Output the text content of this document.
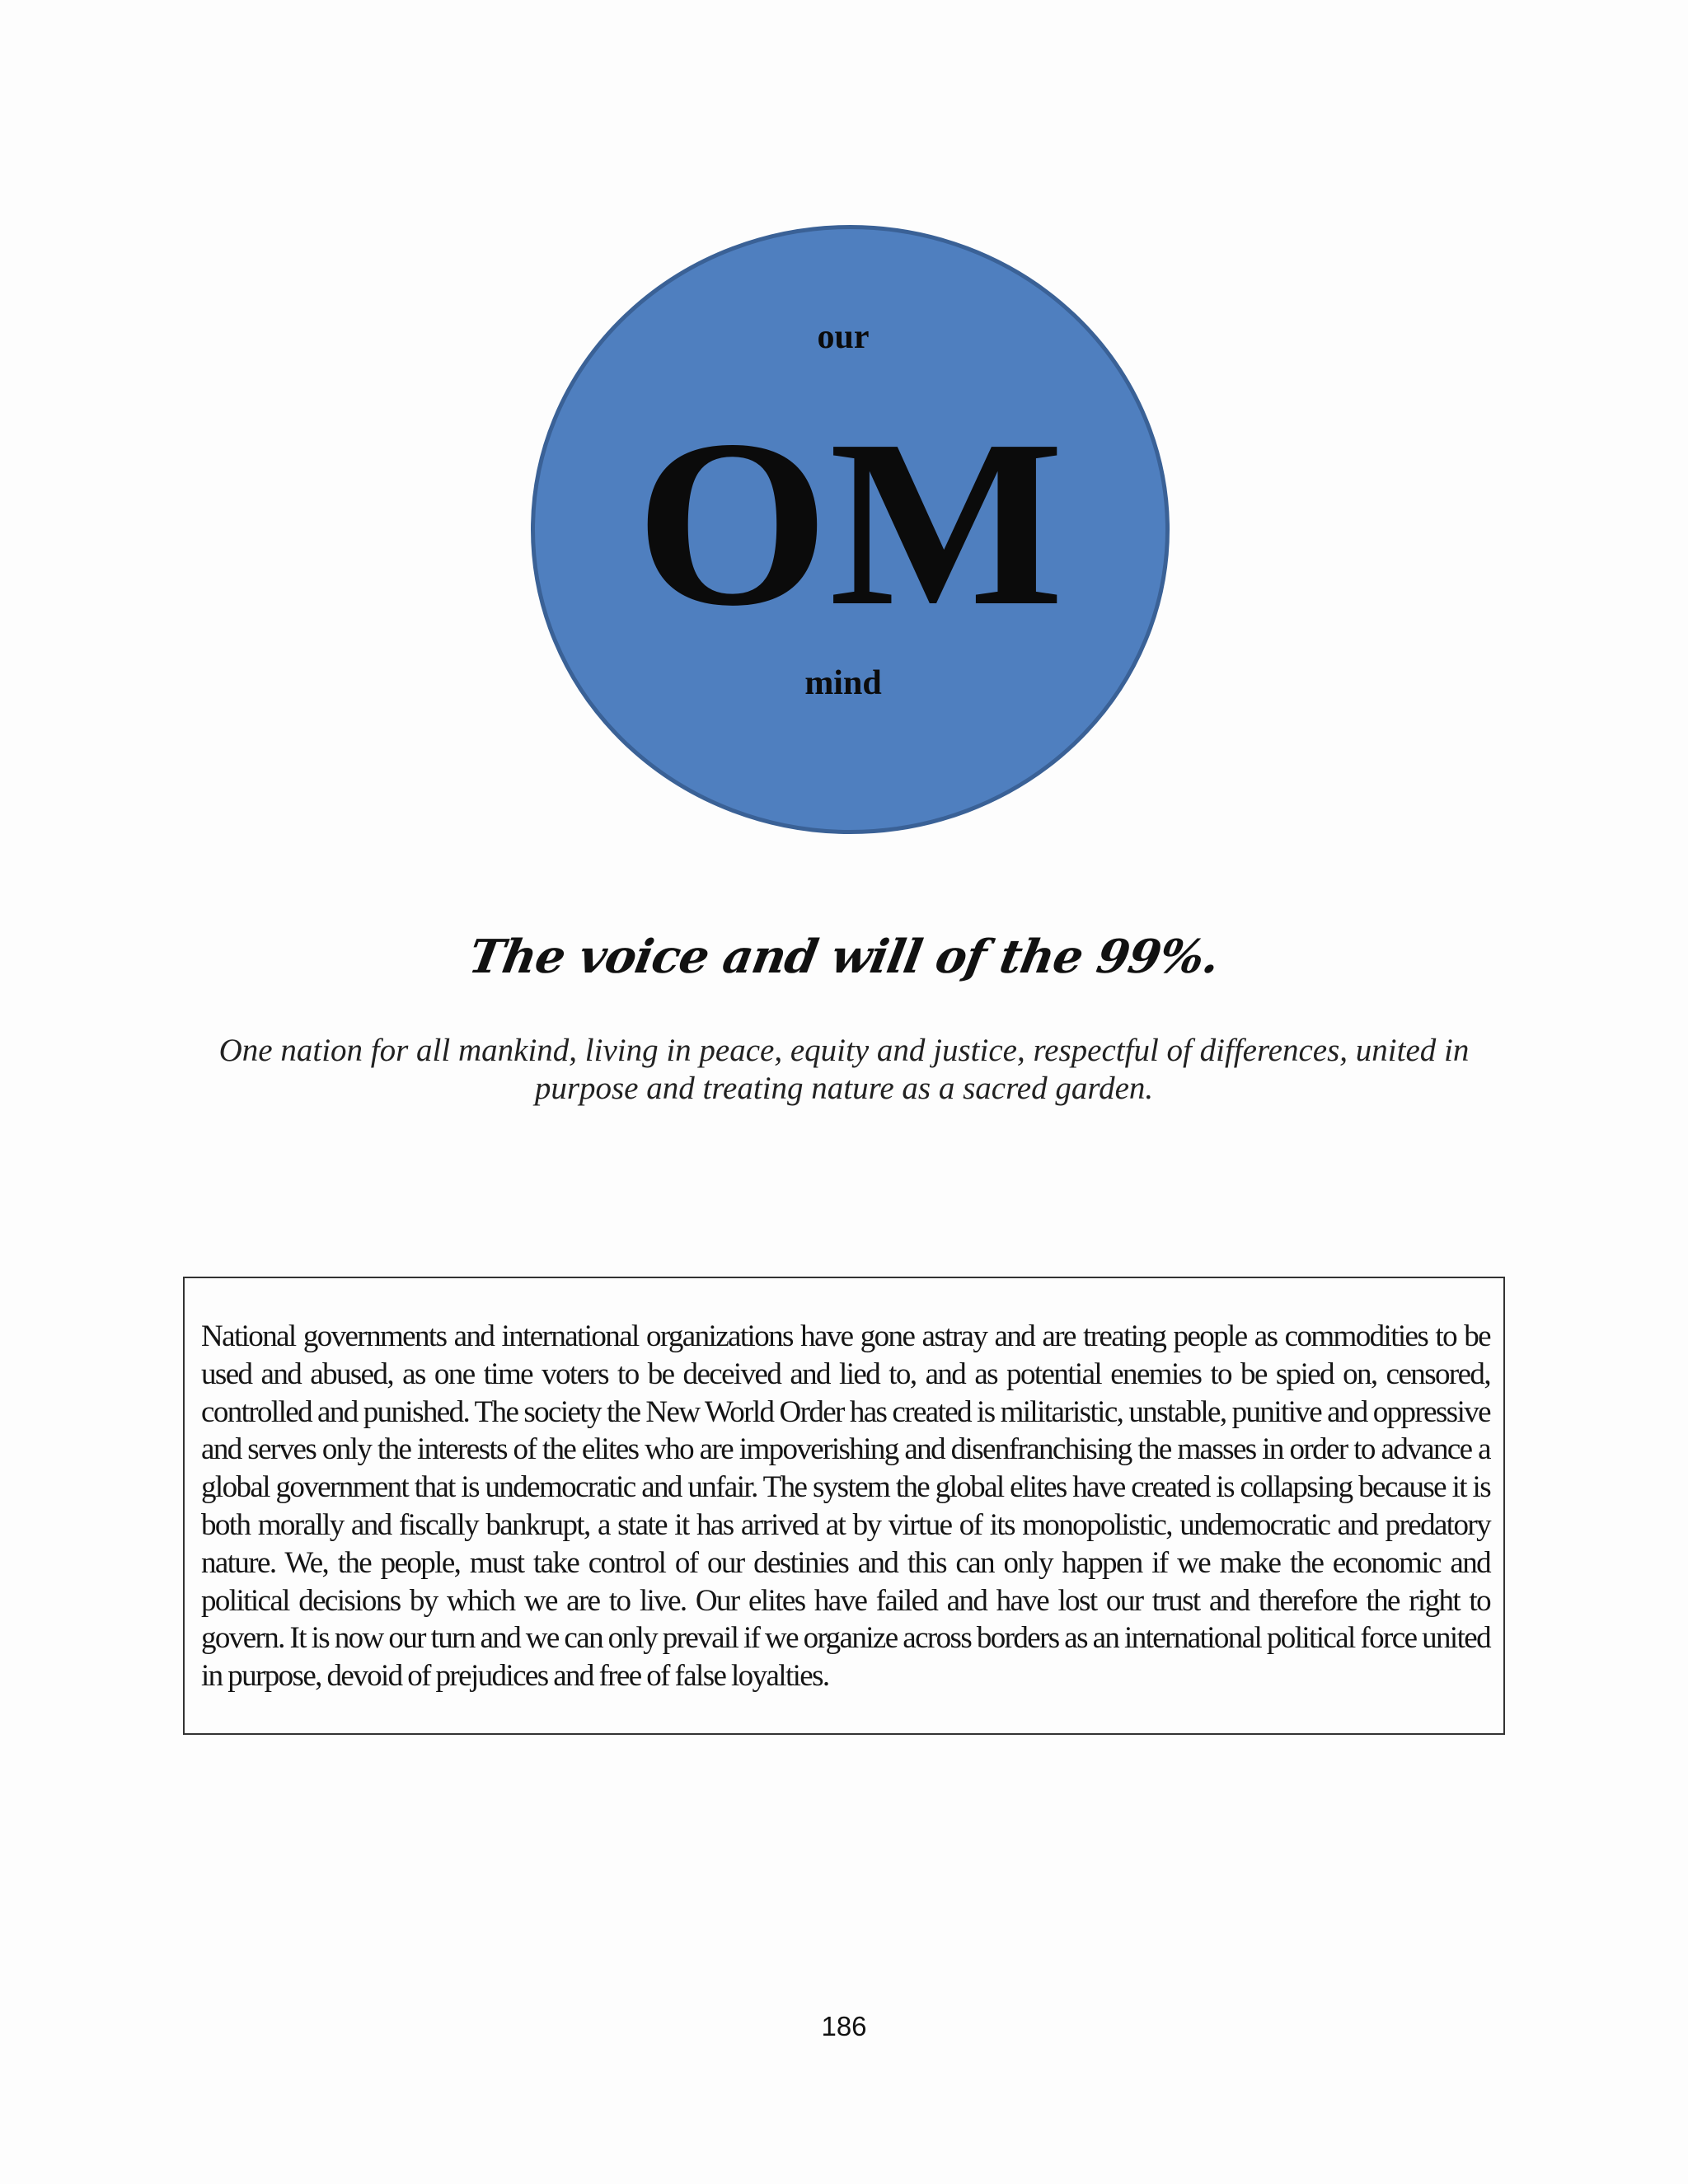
our
OM
mind

The voice and will of the 99%.

One nation for all mankind, living in peace, equity and justice, respectful of differences, united in purpose and treating nature as a sacred garden.

National governments and international organizations have gone astray and are treating people as commodities to be used and abused, as one time voters to be deceived and lied to, and as potential enemies to be spied on, censored, controlled and punished. The society the New World Order has created is militaristic, unstable, punitive and oppressive and serves only the interests of the elites who are impoverishing and disenfranchising the masses in order to advance a global government that is undemocratic and unfair. The system the global elites have created is collapsing because it is both morally and fiscally bankrupt, a state it has arrived at by virtue of its monopolistic, undemocratic and predatory nature. We, the people, must take control of our destinies and this can only happen if we make the economic and political decisions by which we are to live. Our elites have failed and have lost our trust and therefore the right to govern. It is now our turn and we can only prevail if we organize across borders as an international political force united in purpose, devoid of prejudices and free of false loyalties.

186
